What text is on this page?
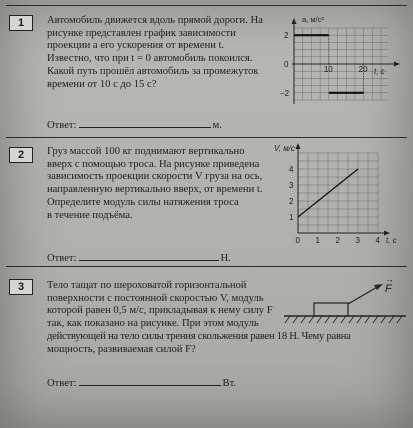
1	Автомобиль движется вдоль прямой дороги. На
рисунке представлен график зависимости
проекции a его ускорения от времени t.
Известно, что при t = 0 автомобиль покоился.
Какой путь прошёл автомобиль за промежуток
времени от 10 с до 15 с?
a, м/с²
t, с
10	20
2
0
−2
Ответ:	м.
2	Груз массой 100 кг поднимают вертикально
вверх с помощью троса. На рисунке приведена
зависимость проекции скорости V груза на ось,
направленную вертикально вверх, от времени t.
Определите модуль силы натяжения троса
в течение подъёма.
V, м/с
t, с
0 1 2 3 4
1
2
3
4
Ответ:	Н.
3	Тело тащат по шероховатой горизонтальной
поверхности с постоянной скоростью V, модуль
которой равен 0,5 м/с, прикладывая к нему силу F
так, как показано на рисунке. При этом модуль
действующей на тело силы трения скольжения равен 18 Н. Чему равна
мощность, развиваемая силой F?
F
→
Ответ:	Вт.
